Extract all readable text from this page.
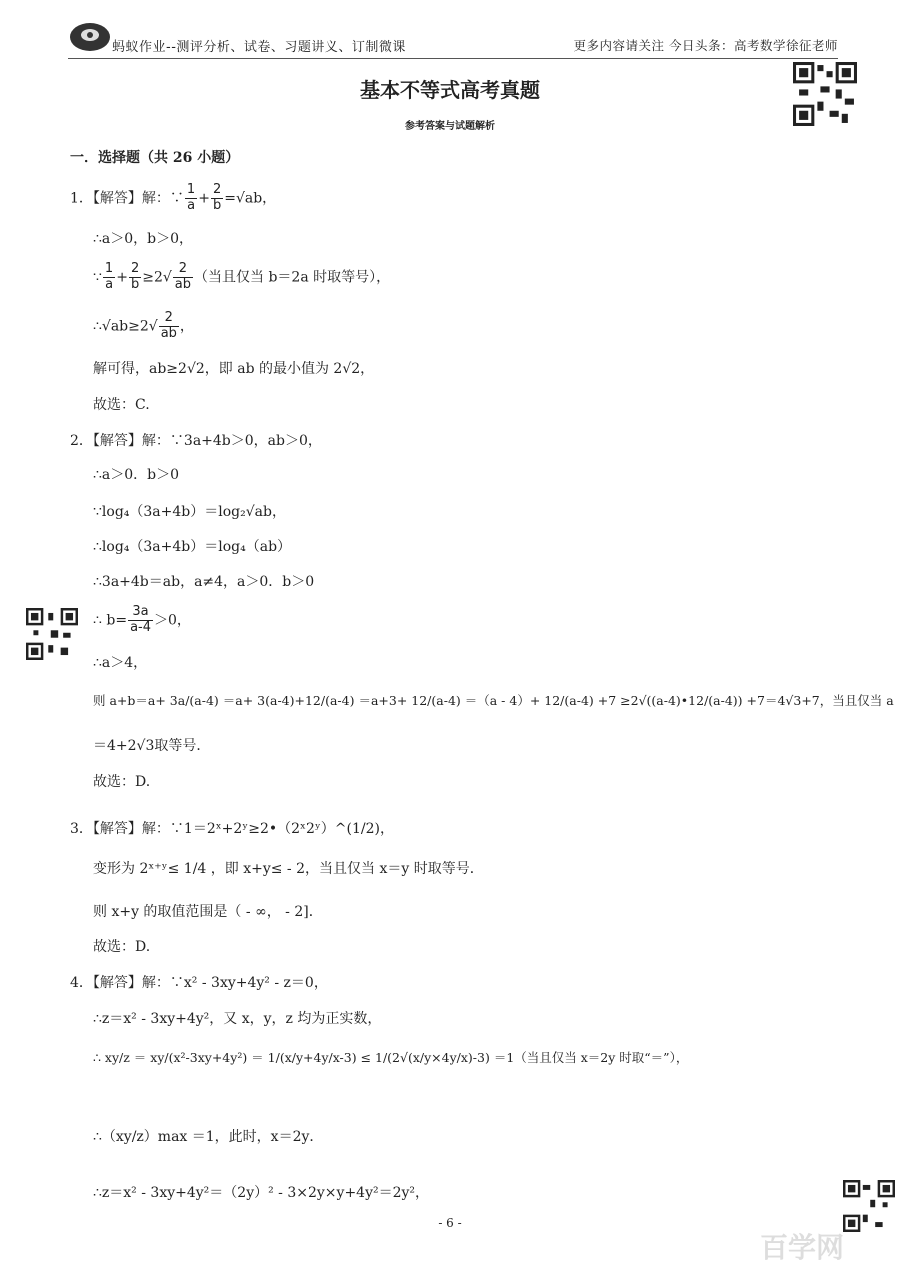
蚂蚁作业--测评分析、试卷、习题讲义、订制微课	更多内容请关注 今日头条：高考数学徐征老师
基本不等式高考真题
参考答案与试题解析
一．选择题（共 26 小题）
1．【解答】解：∵ $\frac{1}{a} + \frac{2}{b} =√ab$，
∴a＞0，b＞0，
∵ $\frac{1}{a} + \frac{2}{b} \ge 2√ \frac{2}{ab}$ （当且仅当 b＝2a 时取等号），
∴√ab≥2√ $\frac{2}{ab}$ ，
解可得，ab≥2√2，即 ab 的最小值为 2√2，
故选：C.
2．【解答】解：∵3a+4b＞0，ab＞0，
∴a＞0．b＞0
∵log₄（3a+4b）＝log₂√ab，
∴log₄（3a+4b）＝log₄（ab）
∴3a+4b＝ab，a≠4，a＞0．b＞0
∴ $b= \frac{3a}{a-4} >0$，
∴a＞4，
则 a+b＝a+ 3a/(a-4) ＝a+ 3(a-4)+12/(a-4) ＝a+3+ 12/(a-4) ＝（a - 4）+ 12/(a-4) +7 ≥2√((a-4)•12/(a-4)) +7＝4√3+7，当且仅当 a
＝4+2√3取等号．
故选：D.
3．【解答】解：∵1＝2ˣ+2ʸ≥2•（2ˣ2ʸ）^(1/2)，
变形为 2ˣ⁺ʸ≤ 1/4 ，即 x+y≤ - 2，当且仅当 x＝y 时取等号．
则 x+y 的取值范围是（ - ∞， - 2]．
故选：D.
4．【解答】解：∵x² - 3xy+4y² - z＝0，
∴z＝x² - 3xy+4y²，又 x，y，z 均为正实数，
∴ xy/z ＝ xy/(x²-3xy+4y²) ＝ 1/(x/y+4y/x-3) ≤ 1/(2√(x/y×4y/x)-3) ＝1（当且仅当 x＝2y 时取“＝”），
∴（xy/z）max ＝1，此时，x＝2y．
∴z＝x² - 3xy+4y²＝（2y）² - 3×2y×y+4y²＝2y²，
- 6 -
百学网
